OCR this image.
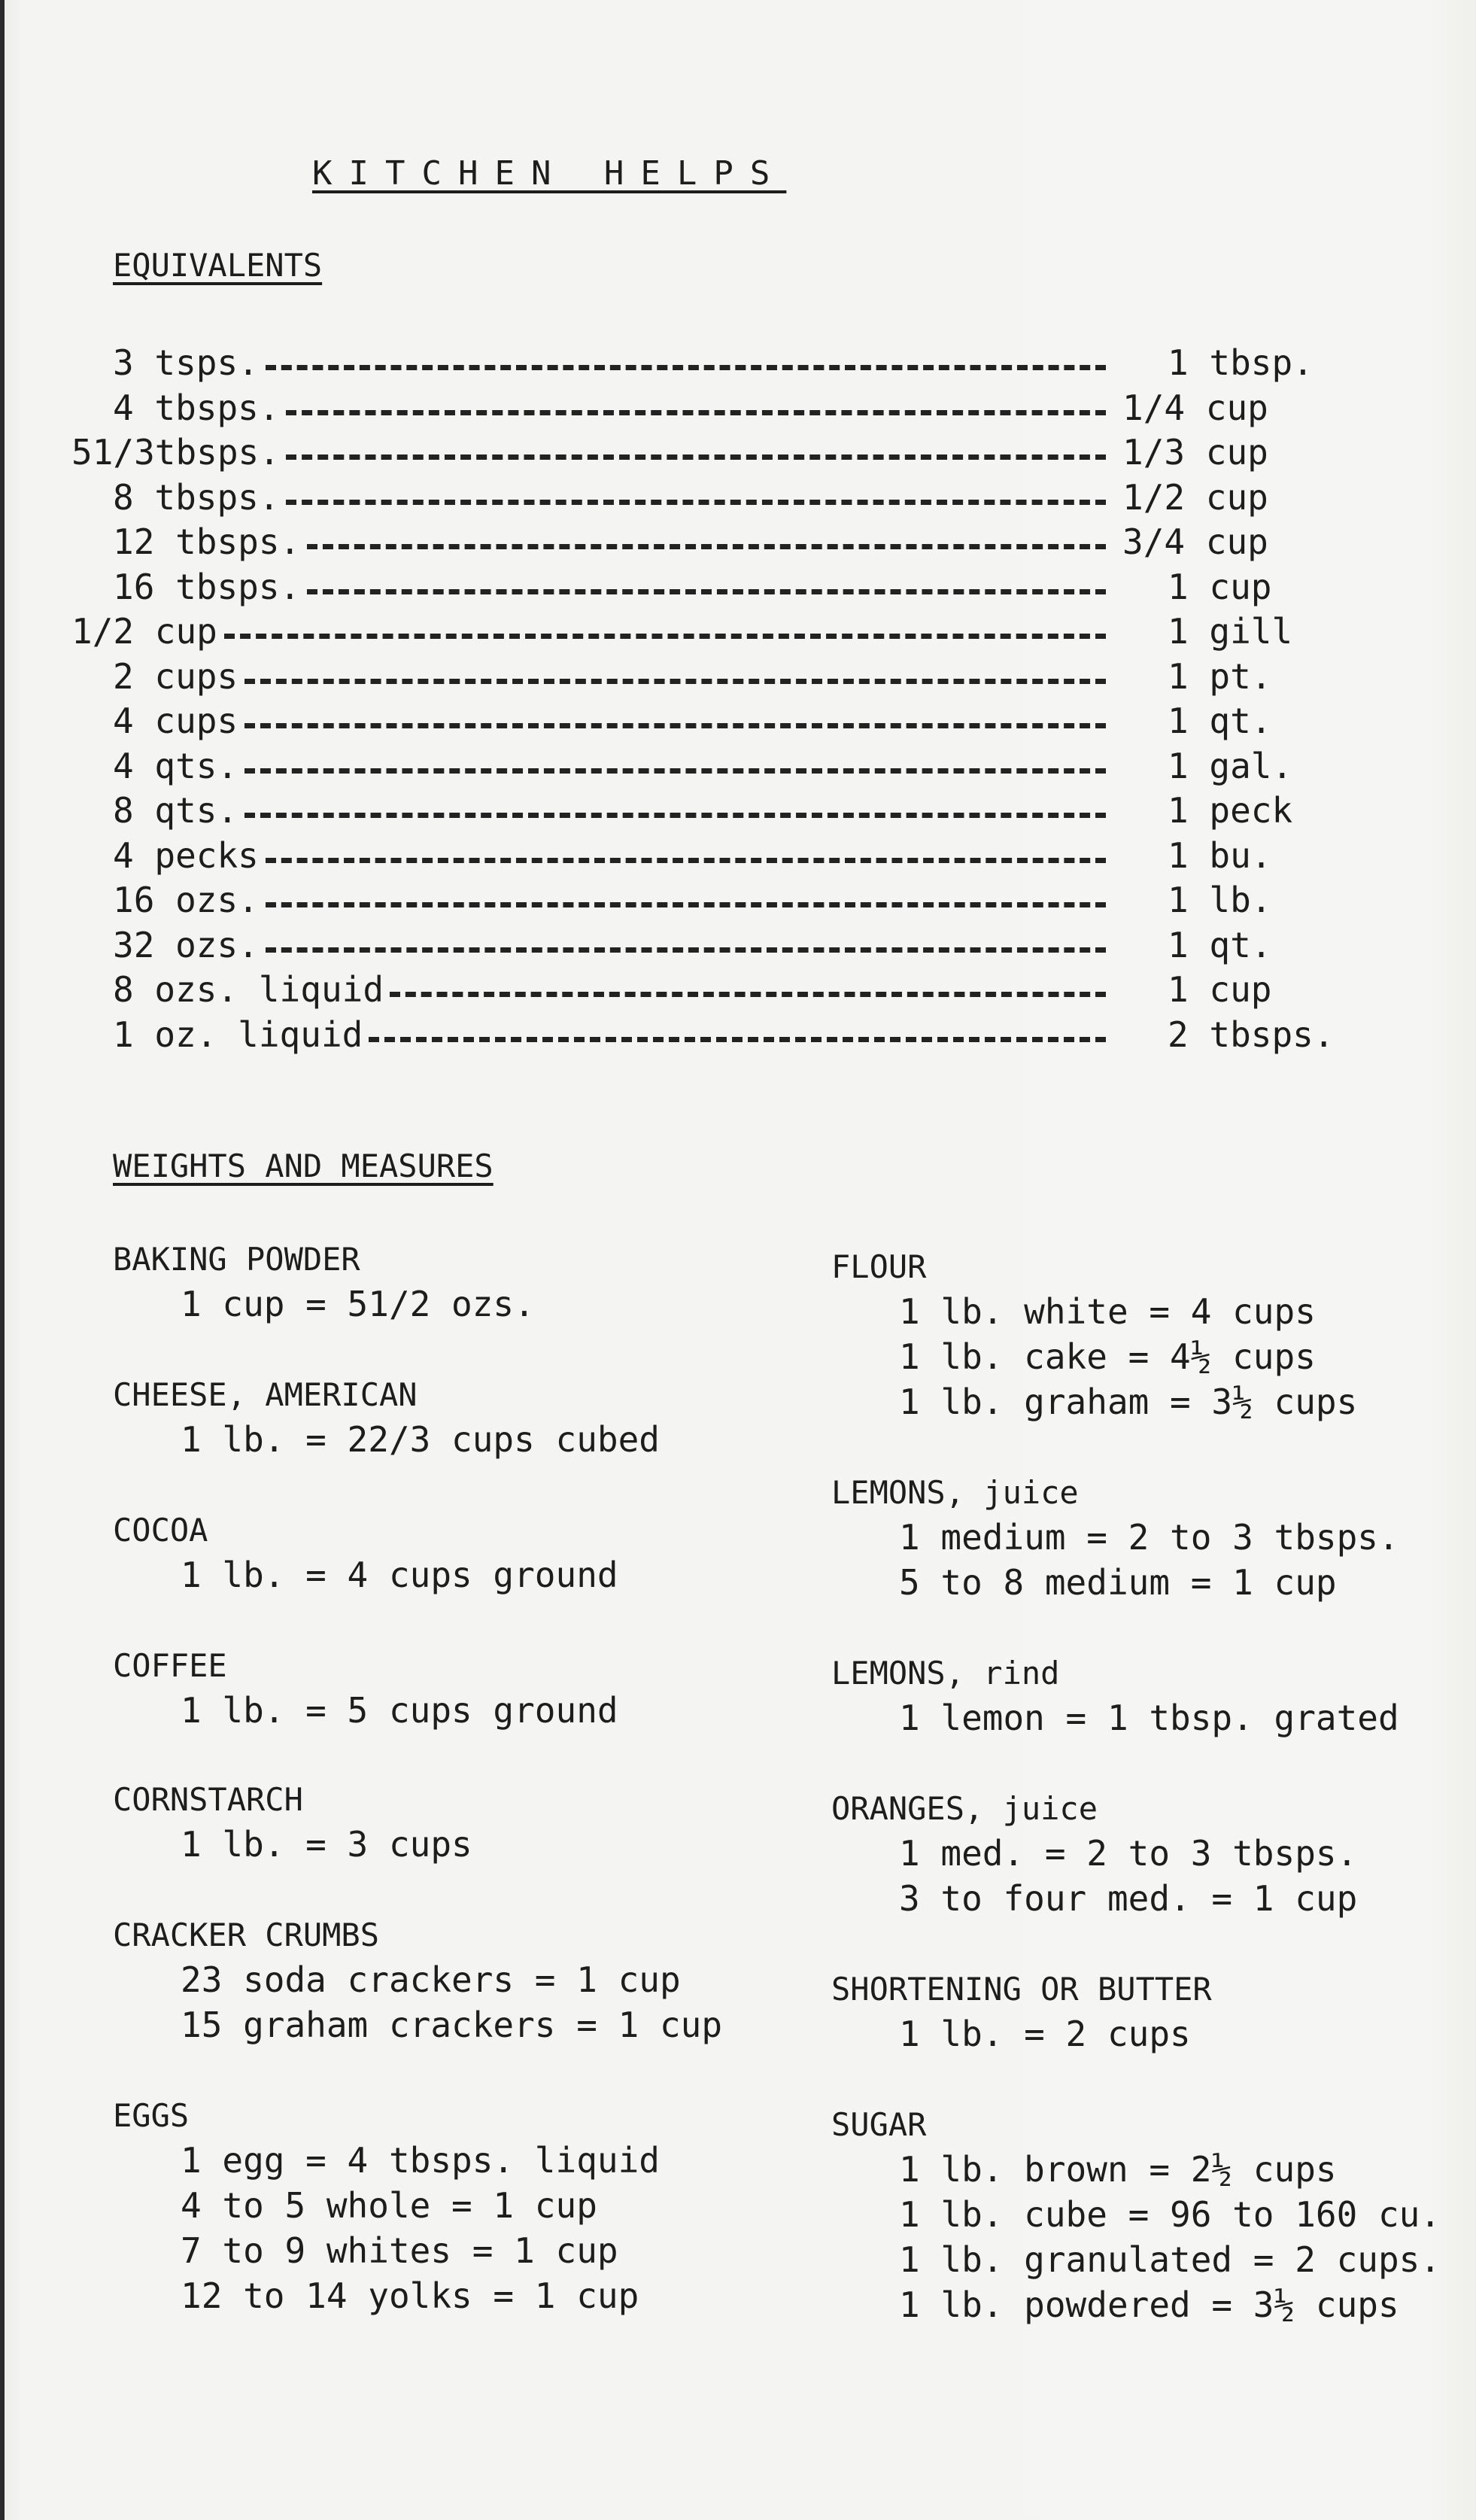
KITCHEN HELPS
EQUIVALENTS
3 tsps.	1 tbsp.
4 tbsps.	1/4 cup
51/3tbsps.	1/3 cup
8 tbsps.	1/2 cup
12 tbsps.	3/4 cup
16 tbsps.	1 cup
1/2 cup	1 gill
2 cups	1 pt.
4 cups	1 qt.
4 qts.	1 gal.
8 qts.	1 peck
4 pecks	1 bu.
16 ozs.	1 lb.
32 ozs.	1 qt.
8 ozs. liquid	1 cup
1 oz. liquid	2 tbsps.
WEIGHTS AND MEASURES
BAKING POWDER
1 cup = 51/2 ozs.
CHEESE, AMERICAN
1 lb. = 22/3 cups cubed
COCOA
1 lb. = 4 cups ground
COFFEE
1 lb. = 5 cups ground
CORNSTARCH
1 lb. = 3 cups
CRACKER CRUMBS
23 soda crackers = 1 cup
15 graham crackers = 1 cup
EGGS
1 egg = 4 tbsps. liquid
4 to 5 whole = 1 cup
7 to 9 whites = 1 cup
12 to 14 yolks = 1 cup
FLOUR
1 lb. white = 4 cups
1 lb. cake = 4½ cups
1 lb. graham = 3½ cups
LEMONS, juice
1 medium = 2 to 3 tbsps.
5 to 8 medium = 1 cup
LEMONS, rind
1 lemon = 1 tbsp. grated
ORANGES, juice
1 med. = 2 to 3 tbsps.
3 to four med. = 1 cup
SHORTENING OR BUTTER
1 lb. = 2 cups
SUGAR
1 lb. brown = 2½ cups
1 lb. cube = 96 to 160 cu.
1 lb. granulated = 2 cups.
1 lb. powdered = 3½ cups
